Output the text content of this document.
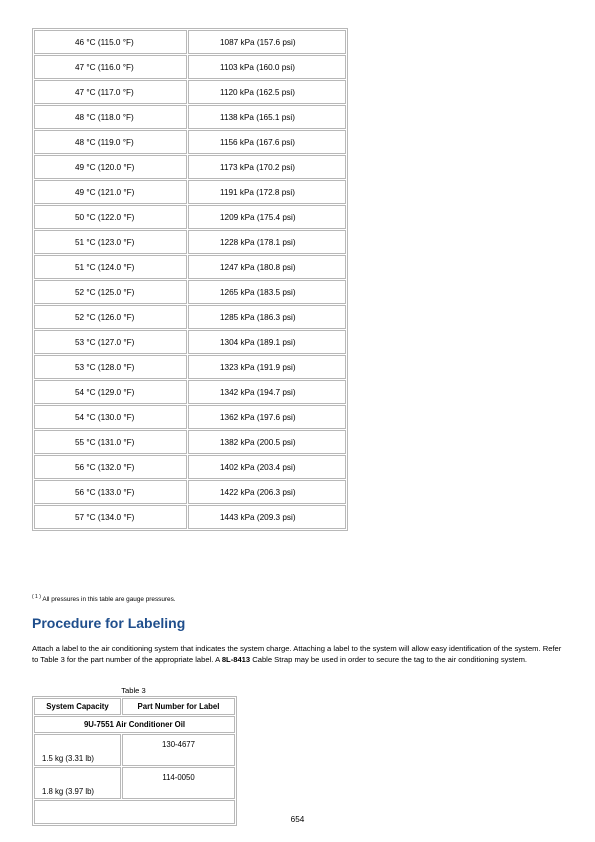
46 °C (115.0 °F)	1087 kPa (157.6 psi)
47 °C (116.0 °F)	1103 kPa (160.0 psi)
47 °C (117.0 °F)	1120 kPa (162.5 psi)
48 °C (118.0 °F)	1138 kPa (165.1 psi)
48 °C (119.0 °F)	1156 kPa (167.6 psi)
49 °C (120.0 °F)	1173 kPa (170.2 psi)
49 °C (121.0 °F)	1191 kPa (172.8 psi)
50 °C (122.0 °F)	1209 kPa (175.4 psi)
51 °C (123.0 °F)	1228 kPa (178.1 psi)
51 °C (124.0 °F)	1247 kPa (180.8 psi)
52 °C (125.0 °F)	1265 kPa (183.5 psi)
52 °C (126.0 °F)	1285 kPa (186.3 psi)
53 °C (127.0 °F)	1304 kPa (189.1 psi)
53 °C (128.0 °F)	1323 kPa (191.9 psi)
54 °C (129.0 °F)	1342 kPa (194.7 psi)
54 °C (130.0 °F)	1362 kPa (197.6 psi)
55 °C (131.0 °F)	1382 kPa (200.5 psi)
56 °C (132.0 °F)	1402 kPa (203.4 psi)
56 °C (133.0 °F)	1422 kPa (206.3 psi)
57 °C (134.0 °F)	1443 kPa (209.3 psi)
$^{( 1 )}$ All pressures in this table are gauge pressures.
Procedure for Labeling

Attach a label to the air conditioning system that indicates the system charge. Attaching a label to the system will allow easy identification of the system. Refer to Table 3 for the part number of the appropriate label. A 8L-8413 Cable Strap may be used in order to secure the tag to the air conditioning system.

Table 3
System Capacity	Part Number for Label
9U-7551 Air Conditioner Oil	
1.5 kg (3.31 lb)	130-4677
1.8 kg (3.97 lb)	114-0050

654
